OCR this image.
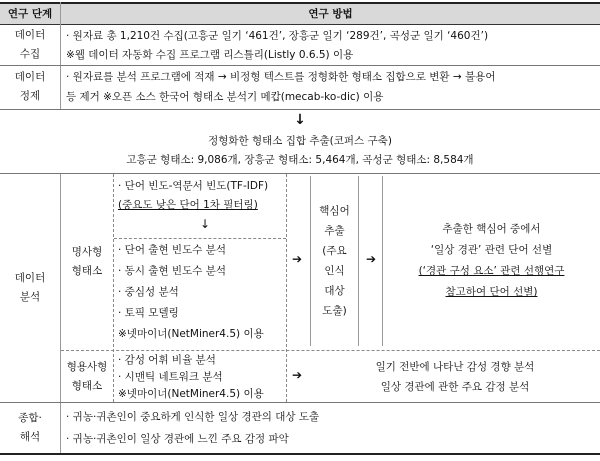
연구 단계	연구 방법
데이터
수집
· 원자료 총 1,210건 수집(고흥군 일기 ‘461건’, 장흥군 일기 ‘289건’, 곡성군 일기 ‘460건’)
※웹 데이터 자동화 수집 프로그램 리스틀리(Listly 0.6.5) 이용
데이터
정제
· 원자료를 분석 프로그램에 적재 → 비정형 텍스트를 정형화한 형태소 집합으로 변환 → 불용어
등 제거 ※오픈 소스 한국어 형태소 분석기 메캅(mecab-ko-dic) 이용
↓
정형화한 형태소 집합 추출(코퍼스 구축)
고흥군 형태소: 9,086개, 장흥군 형태소: 5,464개, 곡성군 형태소: 8,584개
데이터
분석
명사형
형태소
· 단어 빈도-역문서 빈도(TF-IDF)
(중요도 낮은 단어 1차 필터링)
↓
· 단어 출현 빈도수 분석
· 동시 출현 빈도수 분석
· 중심성 분석
· 토픽 모델링
※넷마이너(NetMiner4.5) 이용
➔
핵심어
추출
(주요
인식
대상
도출)
➔
추출한 핵심어 중에서
‘일상 경관’ 관련 단어 선별
(‘경관 구성 요소’ 관련 선행연구
참고하여 단어 선별)
형용사형
형태소
· 감성 어휘 비율 분석
· 시맨틱 네트워크 분석
※넷마이너(NetMiner4.5) 이용
➔
일기 전반에 나타난 감성 경향 분석
일상 경관에 관한 주요 감정 분석
종합·
해석
· 귀농·귀촌인이 중요하게 인식한 일상 경관의 대상 도출
· 귀농·귀촌인이 일상 경관에 느낀 주요 감정 파악
